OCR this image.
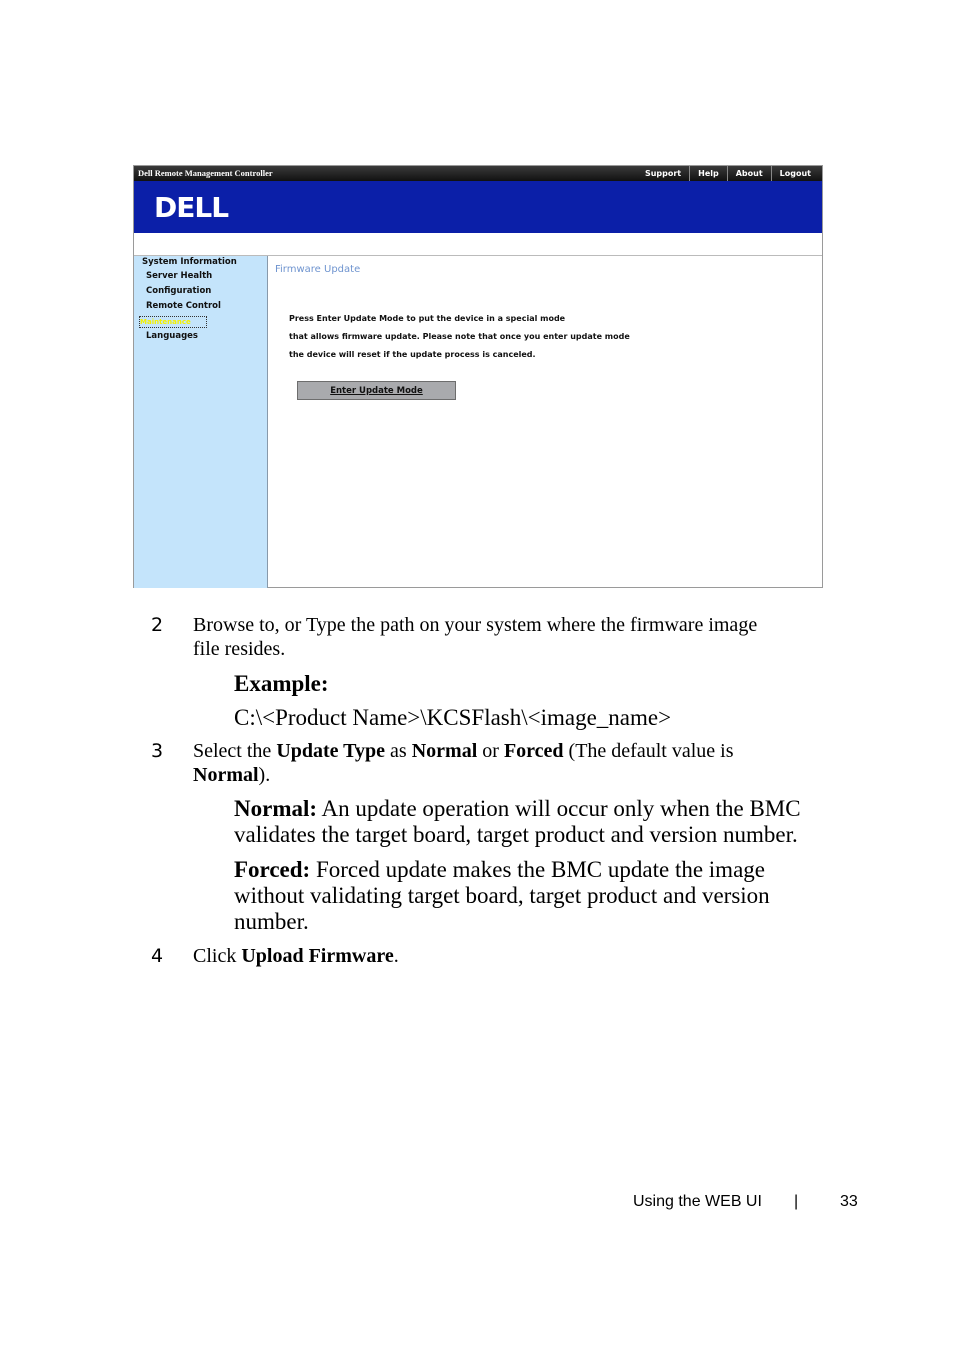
Dell Remote Management Controller	Support	Help	About	Logout
DELL
System Information
Server Health
Configuration
Remote Control
Maintenance
Languages
Firmware Update
Press Enter Update Mode to put the device in a special mode
that allows firmware update. Please note that once you enter update mode
the device will reset if the update process is canceled.
Enter Update Mode
2 Browse to, or Type the path on your system where the firmware image
file resides.
Example:
C:\<Product Name>\KCSFlash\<image_name>
3 Select the Update Type as Normal or Forced (The default value is
Normal).
Normal: An update operation will occur only when the BMC
validates the target board, target product and version number.
Forced: Forced update makes the BMC update the image
without validating target board, target product and version
number.
4 Click Upload Firmware.
Using the WEB UI |	33
